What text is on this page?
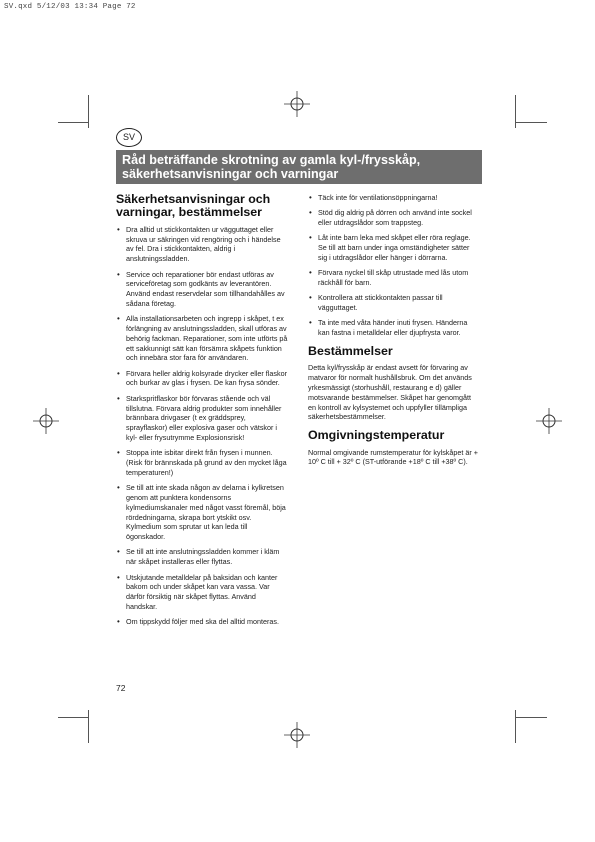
SV.qxd 5/12/03 13:34 Page 72
SV
Råd beträffande skrotning av gamla kyl-/frysskåp,
säkerhetsanvisningar och varningar
Säkerhetsanvisningar och
varningar, bestämmelser
• Dra alltid ut stickkontakten ur vägguttaget eller skruva ur säkringen vid rengöring och i händelse av fel. Dra i stickkontakten, aldrig i anslutningssladden.
• Service och reparationer bör endast utföras av serviceföretag som godkänts av leverantören. Använd endast reservdelar som tillhandahålles av sådana företag.
• Alla installationsarbeten och ingrepp i skåpet, t ex förlängning av anslutningssladden, skall utföras av behörig fackman. Reparationer, som inte utförts på ett sakkunnigt sätt kan försämra skåpets funktion och innebära stor fara för användaren.
• Förvara heller aldrig kolsyrade drycker eller flaskor och burkar av glas i frysen. De kan frysa sönder.
• Starkspritflaskor bör förvaras stående och väl tillslutna. Förvara aldrig produkter som innehåller brännbara drivgaser (t ex gräddsprey, sprayflaskor) eller explosiva gaser och vätskor i kyl- eller frysutrymme Explosionsrisk!
• Stoppa inte isbitar direkt från frysen i munnen. (Risk för brännskada på grund av den mycket låga temperaturen!)
• Se till att inte skada någon av delarna i kylkretsen genom att punktera kondensorns kylmediumskanaler med något vasst föremål, böja rördedningarna, skrapa bort ytskikt osv. Kylmedium som sprutar ut kan leda till ögonskador.
• Se till att inte anslutningssladden kommer i kläm när skåpet installeras eller flyttas.
• Utskjutande metalldelar på baksidan och kanter bakom och under skåpet kan vara vassa. Var därför försiktig när skåpet flyttas. Använd handskar.
• Om tippskydd följer med ska del alltid monteras.
• Täck inte för ventilationsöppningarna!
• Stöd dig aldrig på dörren och använd inte sockel eller utdragslådor som trappsteg.
• Låt inte barn leka med skåpet eller röra reglage. Se till att barn under inga omständigheter sätter sig i utdragslådor eller hänger i dörrarna.
• Förvara nyckel till skåp utrustade med lås utom räckhåll för barn.
• Kontrollera att stickkontakten passar till vägguttaget.
• Ta inte med våta händer inuti frysen. Händerna kan fastna i metalldelar eller djupfrysta varor.
Bestämmelser

Detta kyl/frysskåp är endast avsett för förvaring av matvaror för normalt hushållsbruk. Om det används yrkesmässigt (storhushåll, restaurang e d) gäller motsvarande bestämmelser. Skåpet har genomgått en kontroll av kylsystemet och uppfyller tillämpliga säkerhetsbestämmelser.

Omgivningstemperatur

Normal omgivande rumstemperatur för kylskåpet är + 10º C till + 32º C (ST-utförande +18º C till +38º C).

72
